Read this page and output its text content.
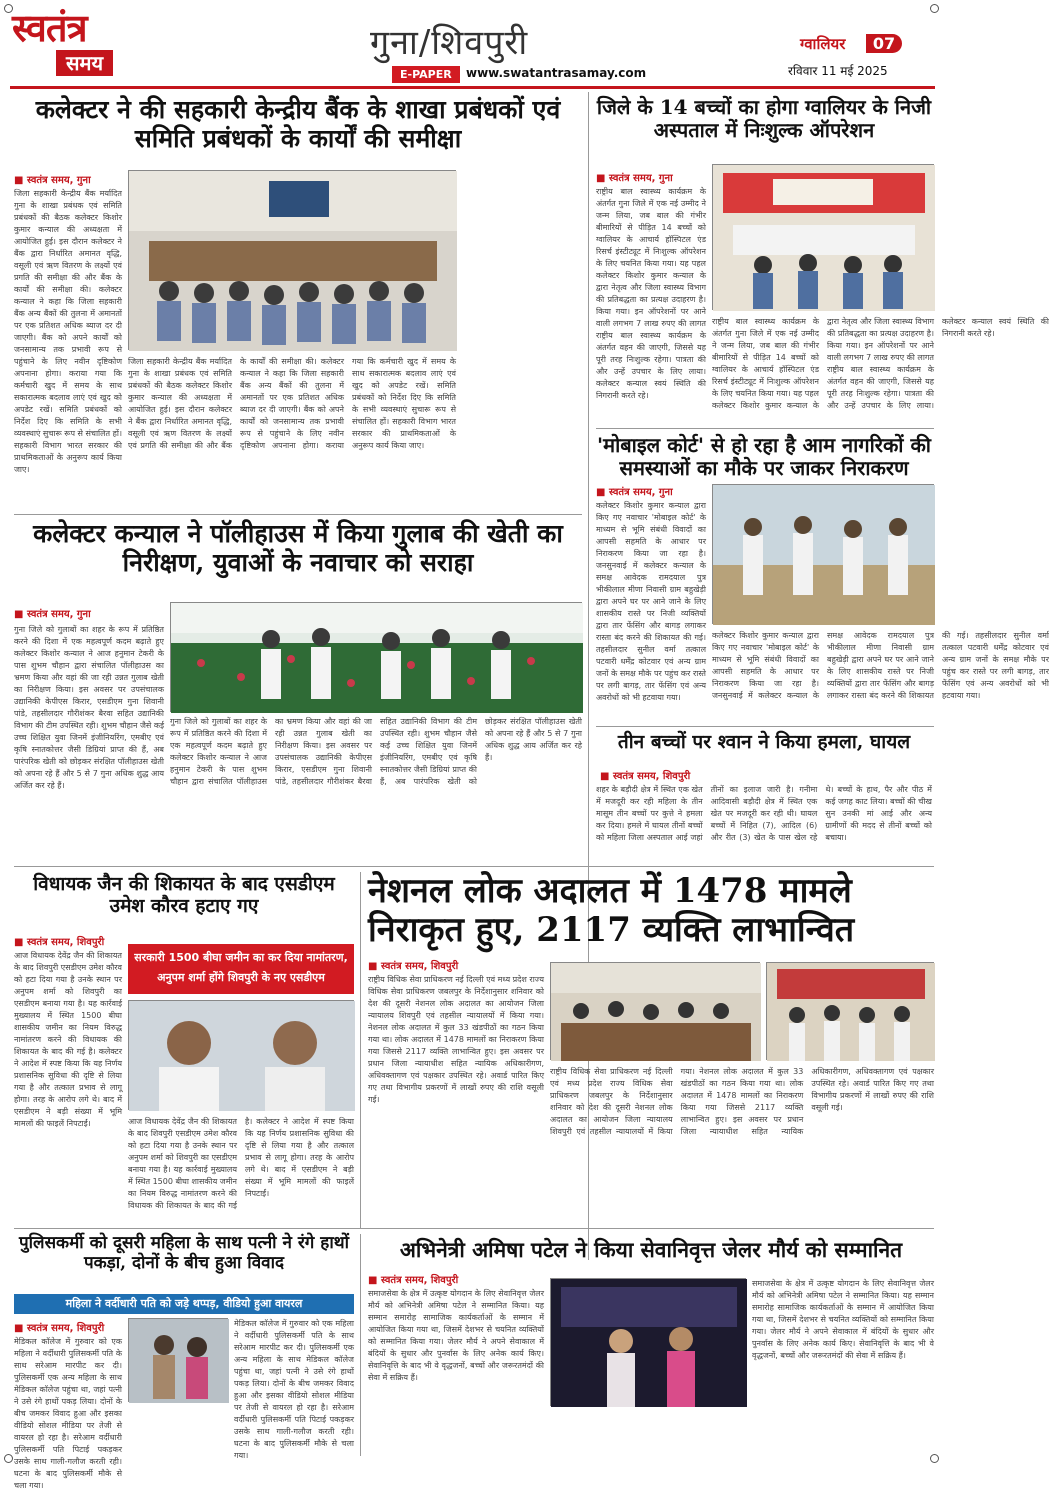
स्वतंत्र
समय	गुना/शिवपुरी
E-PAPER	www.swatantrasamay.com
ग्वालियर	07
रविवार 11 मई 2025
कलेक्टर ने की सहकारी केन्द्रीय बैंक के शाखा प्रबंधकों एवं समिति प्रबंधकों के कार्यों की समीक्षा
■ स्वतंत्र समय, गुना
जिला सहकारी केन्द्रीय बैंक मर्यादित गुना के शाखा प्रबंधक एवं समिति प्रबंधकों की बैठक कलेक्टर किशोर कुमार कन्याल की अध्यक्षता में आयोजित हुई। इस दौरान कलेक्टर ने बैंक द्वारा निर्धारित अमानत वृद्धि, वसूली एवं ऋण वितरण के लक्ष्यों एवं प्रगति की समीक्षा की और बैंक के कार्यों की समीक्षा की। कलेक्टर कन्याल ने कहा कि जिला सहकारी बैंक अन्य बैंकों की तुलना में अमानतों पर एक प्रतिशत अधिक ब्याज दर दी जाएगी। बैंक को अपने कार्यों को जनसामान्य तक प्रभावी रूप से पहुंचाने के लिए नवीन दृष्टिकोण अपनाना होगा। कराया गया कि कर्मचारी खुद में समय के साथ सकारात्मक बदलाव लाएं एवं खुद को अपडेट रखें। समिति प्रबंधकों को निर्देश दिए कि समिति के सभी व्यवस्थाएं सुचारू रूप से संचालित हों। सहकारी विभाग भारत सरकार की प्राथमिकताओं के अनुरूप कार्य किया जाए।
जिला सहकारी केन्द्रीय बैंक मर्यादित गुना के शाखा प्रबंधक एवं समिति प्रबंधकों की बैठक कलेक्टर किशोर कुमार कन्याल की अध्यक्षता में आयोजित हुई। इस दौरान कलेक्टर ने बैंक द्वारा निर्धारित अमानत वृद्धि, वसूली एवं ऋण वितरण के लक्ष्यों एवं प्रगति की समीक्षा की और बैंक के कार्यों की समीक्षा की। कलेक्टर कन्याल ने कहा कि जिला सहकारी बैंक अन्य बैंकों की तुलना में अमानतों पर एक प्रतिशत अधिक ब्याज दर दी जाएगी। बैंक को अपने कार्यों को जनसामान्य तक प्रभावी रूप से पहुंचाने के लिए नवीन दृष्टिकोण अपनाना होगा। कराया गया कि कर्मचारी खुद में समय के साथ सकारात्मक बदलाव लाएं एवं खुद को अपडेट रखें। समिति प्रबंधकों को निर्देश दिए कि समिति के सभी व्यवस्थाएं सुचारू रूप से संचालित हों। सहकारी विभाग भारत सरकार की प्राथमिकताओं के अनुरूप कार्य किया जाए।
जिले के 14 बच्चों का होगा ग्वालियर के निजी अस्पताल में निःशुल्क ऑपरेशन
■ स्वतंत्र समय, गुना
राष्ट्रीय बाल स्वास्थ्य कार्यक्रम के अंतर्गत गुना जिले में एक नई उम्मीद ने जन्म लिया, जब बाल की गंभीर बीमारियों से पीड़ित 14 बच्चों को ग्वालियर के आचार्य हॉस्पिटल एंड रिसर्च इंस्टीट्यूट में निःशुल्क ऑपरेशन के लिए चयनित किया गया। यह पहल कलेक्टर किशोर कुमार कन्याल के द्वारा नेतृत्व और जिला स्वास्थ्य विभाग की प्रतिबद्धता का प्रत्यक्ष उदाहरण है। किया गया। इन ऑपरेशनों पर आने वाली लगभग 7 लाख रुपए की लागत राष्ट्रीय बाल स्वास्थ्य कार्यक्रम के अंतर्गत वहन की जाएगी, जिससे यह पूरी तरह निःशुल्क रहेगा। पात्रता की और उन्हें उपचार के लिए लाया। कलेक्टर कन्याल स्वयं स्थिति की निगरानी करते रहे।
राष्ट्रीय बाल स्वास्थ्य कार्यक्रम के अंतर्गत गुना जिले में एक नई उम्मीद ने जन्म लिया, जब बाल की गंभीर बीमारियों से पीड़ित 14 बच्चों को ग्वालियर के आचार्य हॉस्पिटल एंड रिसर्च इंस्टीट्यूट में निःशुल्क ऑपरेशन के लिए चयनित किया गया। यह पहल कलेक्टर किशोर कुमार कन्याल के द्वारा नेतृत्व और जिला स्वास्थ्य विभाग की प्रतिबद्धता का प्रत्यक्ष उदाहरण है। किया गया। इन ऑपरेशनों पर आने वाली लगभग 7 लाख रुपए की लागत राष्ट्रीय बाल स्वास्थ्य कार्यक्रम के अंतर्गत वहन की जाएगी, जिससे यह पूरी तरह निःशुल्क रहेगा। पात्रता की और उन्हें उपचार के लिए लाया। कलेक्टर कन्याल स्वयं स्थिति की निगरानी करते रहे।
'मोबाइल कोर्ट' से हो रहा है आम नागरिकों की समस्याओं का मौके पर जाकर निराकरण
■ स्वतंत्र समय, गुना
कलेक्टर किशोर कुमार कन्याल द्वारा किए गए नवाचार 'मोबाइल कोर्ट' के माध्यम से भूमि संबंधी विवादों का आपसी सहमति के आधार पर निराकरण किया जा रहा है। जनसुनवाई में कलेक्टर कन्याल के समक्ष आवेदक रामदयाल पुत्र भीकीलाल मीणा निवासी ग्राम बहुखेड़ी द्वारा अपने घर पर आने जाने के लिए शासकीय रास्ते पर निजी व्यक्तियों द्वारा तार फेंसिंग और बागड़ लगाकर रास्ता बंद करने की शिकायत की गई। तहसीलदार सुनील वर्मा तत्काल पटवारी धर्मेंद्र कोटवार एवं अन्य ग्राम जनों के समक्ष मौके पर पहुंच कर रास्ते पर लगी बागड़, तार फेंसिंग एवं अन्य अवरोधों को भी हटवाया गया।
कलेक्टर किशोर कुमार कन्याल द्वारा किए गए नवाचार 'मोबाइल कोर्ट' के माध्यम से भूमि संबंधी विवादों का आपसी सहमति के आधार पर निराकरण किया जा रहा है। जनसुनवाई में कलेक्टर कन्याल के समक्ष आवेदक रामदयाल पुत्र भीकीलाल मीणा निवासी ग्राम बहुखेड़ी द्वारा अपने घर पर आने जाने के लिए शासकीय रास्ते पर निजी व्यक्तियों द्वारा तार फेंसिंग और बागड़ लगाकर रास्ता बंद करने की शिकायत की गई। तहसीलदार सुनील वर्मा तत्काल पटवारी धर्मेंद्र कोटवार एवं अन्य ग्राम जनों के समक्ष मौके पर पहुंच कर रास्ते पर लगी बागड़, तार फेंसिंग एवं अन्य अवरोधों को भी हटवाया गया।
कलेक्टर कन्याल ने पॉलीहाउस में किया गुलाब की खेती का निरीक्षण, युवाओं के नवाचार को सराहा
■ स्वतंत्र समय, गुना
गुना जिले को गुलाबों का शहर के रूप में प्रतिष्ठित करने की दिशा में एक महत्वपूर्ण कदम बढ़ाते हुए कलेक्टर किशोर कन्याल ने आज हनुमान टेकरी के पास शुभम चौहान द्वारा संचालित पॉलीहाउस का भ्रमण किया और वहां की जा रही उन्नत गुलाब खेती का निरीक्षण किया। इस अवसर पर उपसंचालक उद्यानिकी केपीएस किरार, एसडीएम गुना शिवानी पांडे, तहसीलदार गौरीशंकर बैरवा सहित उद्यानिकी विभाग की टीम उपस्थित रही। शुभम चौहान जैसे कई उच्च शिक्षित युवा जिनमें इंजीनियरिंग, एमबीए एवं कृषि स्नातकोत्तर जैसी डिग्रियां प्राप्त की हैं, अब पारंपरिक खेती को छोड़कर संरक्षित पॉलीहाउस खेती को अपना रहे हैं और 5 से 7 गुना अधिक शुद्ध आय अर्जित कर रहे हैं।
गुना जिले को गुलाबों का शहर के रूप में प्रतिष्ठित करने की दिशा में एक महत्वपूर्ण कदम बढ़ाते हुए कलेक्टर किशोर कन्याल ने आज हनुमान टेकरी के पास शुभम चौहान द्वारा संचालित पॉलीहाउस का भ्रमण किया और वहां की जा रही उन्नत गुलाब खेती का निरीक्षण किया। इस अवसर पर उपसंचालक उद्यानिकी केपीएस किरार, एसडीएम गुना शिवानी पांडे, तहसीलदार गौरीशंकर बैरवा सहित उद्यानिकी विभाग की टीम उपस्थित रही। शुभम चौहान जैसे कई उच्च शिक्षित युवा जिनमें इंजीनियरिंग, एमबीए एवं कृषि स्नातकोत्तर जैसी डिग्रियां प्राप्त की हैं, अब पारंपरिक खेती को छोड़कर संरक्षित पॉलीहाउस खेती को अपना रहे हैं और 5 से 7 गुना अधिक शुद्ध आय अर्जित कर रहे हैं।
तीन बच्चों पर श्वान ने किया हमला, घायल
■ स्वतंत्र समय, शिवपुरी
शहर के बड़ौदी क्षेत्र में स्थित एक खेत में मजदूरी कर रही महिला के तीन मासूम तीन बच्चों पर कुत्ते ने हमला कर दिया। हमले में घायल तीनों बच्चों को महिला जिला अस्पताल आई जहां तीनों का इलाज जारी है। गनीमा आदिवासी बड़ौदी क्षेत्र में स्थित एक खेत पर मजदूरी कर रही थी। घायल बच्चों में निहित (7), आदिल (6) और रीत (3) खेत के पास खेल रहे थे। बच्चों के हाथ, पैर और पीठ में कई जगह काट लिया। बच्चों की चीख सुन उनकी मां आई और अन्य ग्रामीणों की मदद से तीनों बच्चों को बचाया।
विधायक जैन की शिकायत के बाद एसडीएम उमेश कौरव हटाए गए
■ स्वतंत्र समय, शिवपुरी
आज विधायक देवेंद्र जैन की शिकायत के बाद शिवपुरी एसडीएम उमेश कौरव को हटा दिया गया है उनके स्थान पर अनुपम शर्मा को शिवपुरी का एसडीएम बनाया गया है। यह कार्रवाई मुख्यालय में स्थित 1500 बीघा शासकीय जमीन का नियम विरुद्ध नामांतरण करने की विधायक की शिकायत के बाद की गई है। कलेक्टर ने आदेश में स्पष्ट किया कि यह निर्णय प्रशासनिक सुविधा की दृष्टि से लिया गया है और तत्काल प्रभाव से लागू होगा। तरह के आरोप लगे थे। बाद में एसडीएम ने बड़ी संख्या में भूमि मामलों की फाइलें निपटाईं।
सरकारी 1500 बीघा जमीन का कर दिया नामांतरण, अनुपम शर्मा होंगे शिवपुरी के नए एसडीएम
आज विधायक देवेंद्र जैन की शिकायत के बाद शिवपुरी एसडीएम उमेश कौरव को हटा दिया गया है उनके स्थान पर अनुपम शर्मा को शिवपुरी का एसडीएम बनाया गया है। यह कार्रवाई मुख्यालय में स्थित 1500 बीघा शासकीय जमीन का नियम विरुद्ध नामांतरण करने की विधायक की शिकायत के बाद की गई है। कलेक्टर ने आदेश में स्पष्ट किया कि यह निर्णय प्रशासनिक सुविधा की दृष्टि से लिया गया है और तत्काल प्रभाव से लागू होगा। तरह के आरोप लगे थे। बाद में एसडीएम ने बड़ी संख्या में भूमि मामलों की फाइलें निपटाईं।
नेशनल लोक अदालत में 1478 मामले निराकृत हुए, 2117 व्यक्ति लाभान्वित
■ स्वतंत्र समय, शिवपुरी
राष्ट्रीय विधिक सेवा प्राधिकरण नई दिल्ली एवं मध्य प्रदेश राज्य विधिक सेवा प्राधिकरण जबलपुर के निर्देशानुसार शनिवार को देश की दूसरी नेशनल लोक अदालत का आयोजन जिला न्यायालय शिवपुरी एवं तहसील न्यायालयों में किया गया। नेशनल लोक अदालत में कुल 33 खंडपीठों का गठन किया गया था। लोक अदालत में 1478 मामलों का निराकरण किया गया जिससे 2117 व्यक्ति लाभान्वित हुए। इस अवसर पर प्रधान जिला न्यायाधीश सहित न्यायिक अधिकारीगण, अधिवक्तागण एवं पक्षकार उपस्थित रहे। अवार्ड पारित किए गए तथा विभागीय प्रकरणों में लाखों रुपए की राशि वसूली गई।
राष्ट्रीय विधिक सेवा प्राधिकरण नई दिल्ली एवं मध्य प्रदेश राज्य विधिक सेवा प्राधिकरण जबलपुर के निर्देशानुसार शनिवार को देश की दूसरी नेशनल लोक अदालत का आयोजन जिला न्यायालय शिवपुरी एवं तहसील न्यायालयों में किया गया। नेशनल लोक अदालत में कुल 33 खंडपीठों का गठन किया गया था। लोक अदालत में 1478 मामलों का निराकरण किया गया जिससे 2117 व्यक्ति लाभान्वित हुए। इस अवसर पर प्रधान जिला न्यायाधीश सहित न्यायिक अधिकारीगण, अधिवक्तागण एवं पक्षकार उपस्थित रहे। अवार्ड पारित किए गए तथा विभागीय प्रकरणों में लाखों रुपए की राशि वसूली गई।
पुलिसकर्मी को दूसरी महिला के साथ पत्नी ने रंगे हाथों पकड़ा, दोनों के बीच हुआ विवाद
महिला ने वर्दीधारी पति को जड़े थप्पड़, वीडियो हुआ वायरल
■ स्वतंत्र समय, शिवपुरी
मेडिकल कॉलेज में गुरुवार को एक महिला ने वर्दीधारी पुलिसकर्मी पति के साथ सरेआम मारपीट कर दी। पुलिसकर्मी एक अन्य महिला के साथ मेडिकल कॉलेज पहुंचा था, जहां पत्नी ने उसे रंगे हाथों पकड़ लिया। दोनों के बीच जमकर विवाद हुआ और इसका वीडियो सोशल मीडिया पर तेजी से वायरल हो रहा है। सरेआम वर्दीधारी पुलिसकर्मी पति पिटाई पकड़कर उसके साथ गाली-गलौज करती रही। घटना के बाद पुलिसकर्मी मौके से चला गया।
मेडिकल कॉलेज में गुरुवार को एक महिला ने वर्दीधारी पुलिसकर्मी पति के साथ सरेआम मारपीट कर दी। पुलिसकर्मी एक अन्य महिला के साथ मेडिकल कॉलेज पहुंचा था, जहां पत्नी ने उसे रंगे हाथों पकड़ लिया। दोनों के बीच जमकर विवाद हुआ और इसका वीडियो सोशल मीडिया पर तेजी से वायरल हो रहा है। सरेआम वर्दीधारी पुलिसकर्मी पति पिटाई पकड़कर उसके साथ गाली-गलौज करती रही। घटना के बाद पुलिसकर्मी मौके से चला गया।
अभिनेत्री अमिषा पटेल ने किया सेवानिवृत्त जेलर मौर्य को सम्मानित
■ स्वतंत्र समय, शिवपुरी
समाजसेवा के क्षेत्र में उत्कृष्ट योगदान के लिए सेवानिवृत्त जेलर मौर्य को अभिनेत्री अमिषा पटेल ने सम्मानित किया। यह सम्मान समारोह सामाजिक कार्यकर्ताओं के सम्मान में आयोजित किया गया था, जिसमें देशभर से चयनित व्यक्तियों को सम्मानित किया गया। जेलर मौर्य ने अपने सेवाकाल में बंदियों के सुधार और पुनर्वास के लिए अनेक कार्य किए। सेवानिवृत्ति के बाद भी वे वृद्धजनों, बच्चों और जरूरतमंदों की सेवा में सक्रिय हैं।
समाजसेवा के क्षेत्र में उत्कृष्ट योगदान के लिए सेवानिवृत्त जेलर मौर्य को अभिनेत्री अमिषा पटेल ने सम्मानित किया। यह सम्मान समारोह सामाजिक कार्यकर्ताओं के सम्मान में आयोजित किया गया था, जिसमें देशभर से चयनित व्यक्तियों को सम्मानित किया गया। जेलर मौर्य ने अपने सेवाकाल में बंदियों के सुधार और पुनर्वास के लिए अनेक कार्य किए। सेवानिवृत्ति के बाद भी वे वृद्धजनों, बच्चों और जरूरतमंदों की सेवा में सक्रिय हैं।
